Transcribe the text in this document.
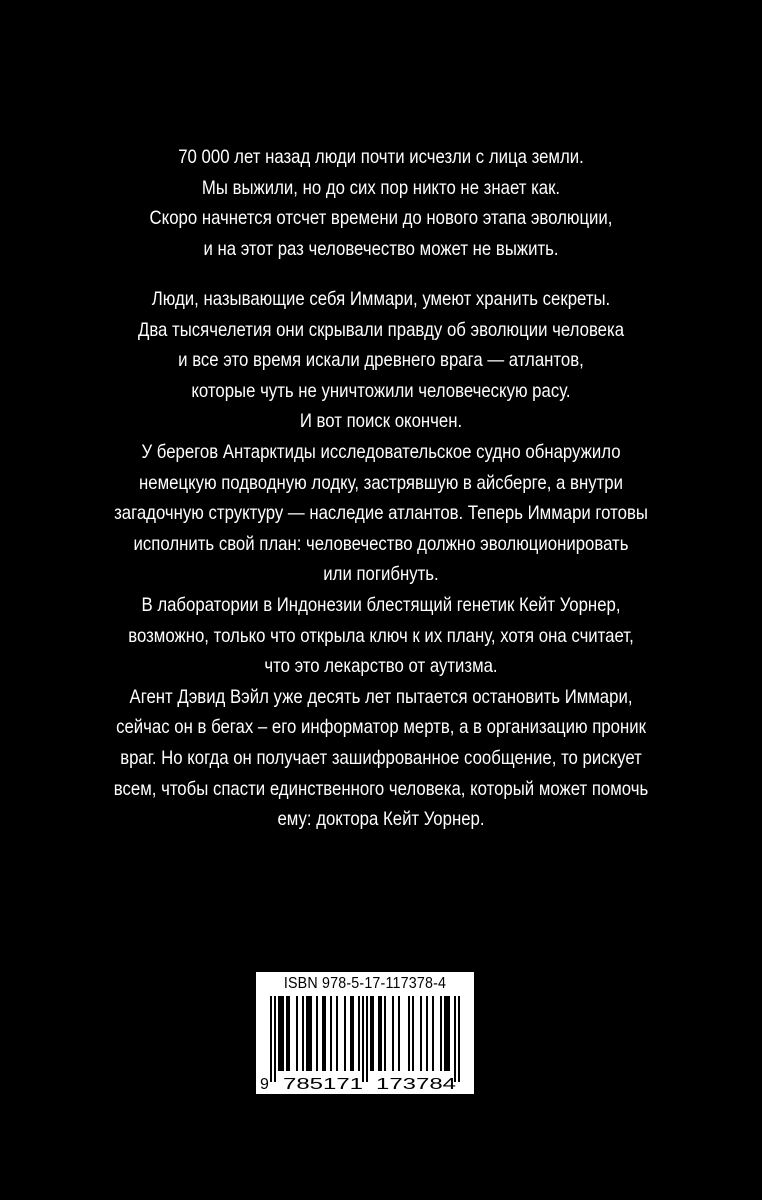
70 000 лет назад люди почти исчезли с лица земли.
Мы выжили, но до сих пор никто не знает как.
Скоро начнется отсчет времени до нового этапа эволюции,
и на этот раз человечество может не выжить.
Люди, называющие себя Иммари, умеют хранить секреты.
Два тысячелетия они скрывали правду об эволюции человека
и все это время искали древнего врага — атлантов,
которые чуть не уничтожили человеческую расу.
И вот поиск окончен.
У берегов Антарктиды исследовательское судно обнаружило
немецкую подводную лодку, застрявшую в айсберге, а внутри
загадочную структуру — наследие атлантов. Теперь Иммари готовы
исполнить свой план: человечество должно эволюционировать
или погибнуть.
В лаборатории в Индонезии блестящий генетик Кейт Уорнер,
возможно, только что открыла ключ к их плану, хотя она считает,
что это лекарство от аутизма.
Агент Дэвид Вэйл уже десять лет пытается остановить Иммари,
сейчас он в бегах – его информатор мертв, а в организацию проник
враг. Но когда он получает зашифрованное сообщение, то рискует
всем, чтобы спасти единственного человека, который может помочь
ему: доктора Кейт Уорнер.
ISBN 978-5-17-117378-4
9 785171 173784
